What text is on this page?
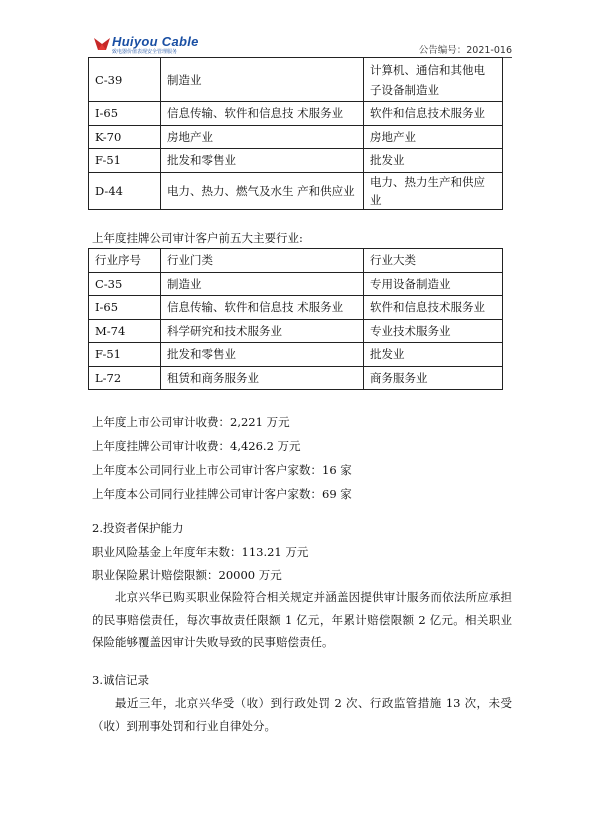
Huiyou Cable
致电器价值表现安全管理服务	公告编号：2021-016
C-39	制造业	计算机、通信和其他电子设备制造业
I-65	信息传输、软件和信息技 术服务业	软件和信息技术服务业
K-70	房地产业	房地产业
F-51	批发和零售业	批发业
D-44	电力、热力、燃气及水生 产和供应业	电力、热力生产和供应业
上年度挂牌公司审计客户前五大主要行业:
行业序号	行业门类	行业大类
C-35	制造业	专用设备制造业
I-65	信息传输、软件和信息技 术服务业	软件和信息技术服务业
M-74	科学研究和技术服务业	专业技术服务业
F-51	批发和零售业	批发业
L-72	租赁和商务服务业	商务服务业
上年度上市公司审计收费：2,221 万元
上年度挂牌公司审计收费：4,426.2 万元
上年度本公司同行业上市公司审计客户家数：16 家
上年度本公司同行业挂牌公司审计客户家数：69 家
2.投资者保护能力
职业风险基金上年度年末数：113.21 万元
职业保险累计赔偿限额：20000 万元
北京兴华已购买职业保险符合相关规定并涵盖因提供审计服务而依法所应承担的民事赔偿责任，每次事故责任限额 1 亿元，年累计赔偿限额 2 亿元。相关职业保险能够覆盖因审计失败导致的民事赔偿责任。
3.诚信记录
最近三年，北京兴华受（收）到行政处罚 2 次、行政监管措施 13 次，未受（收）到刑事处罚和行业自律处分。
